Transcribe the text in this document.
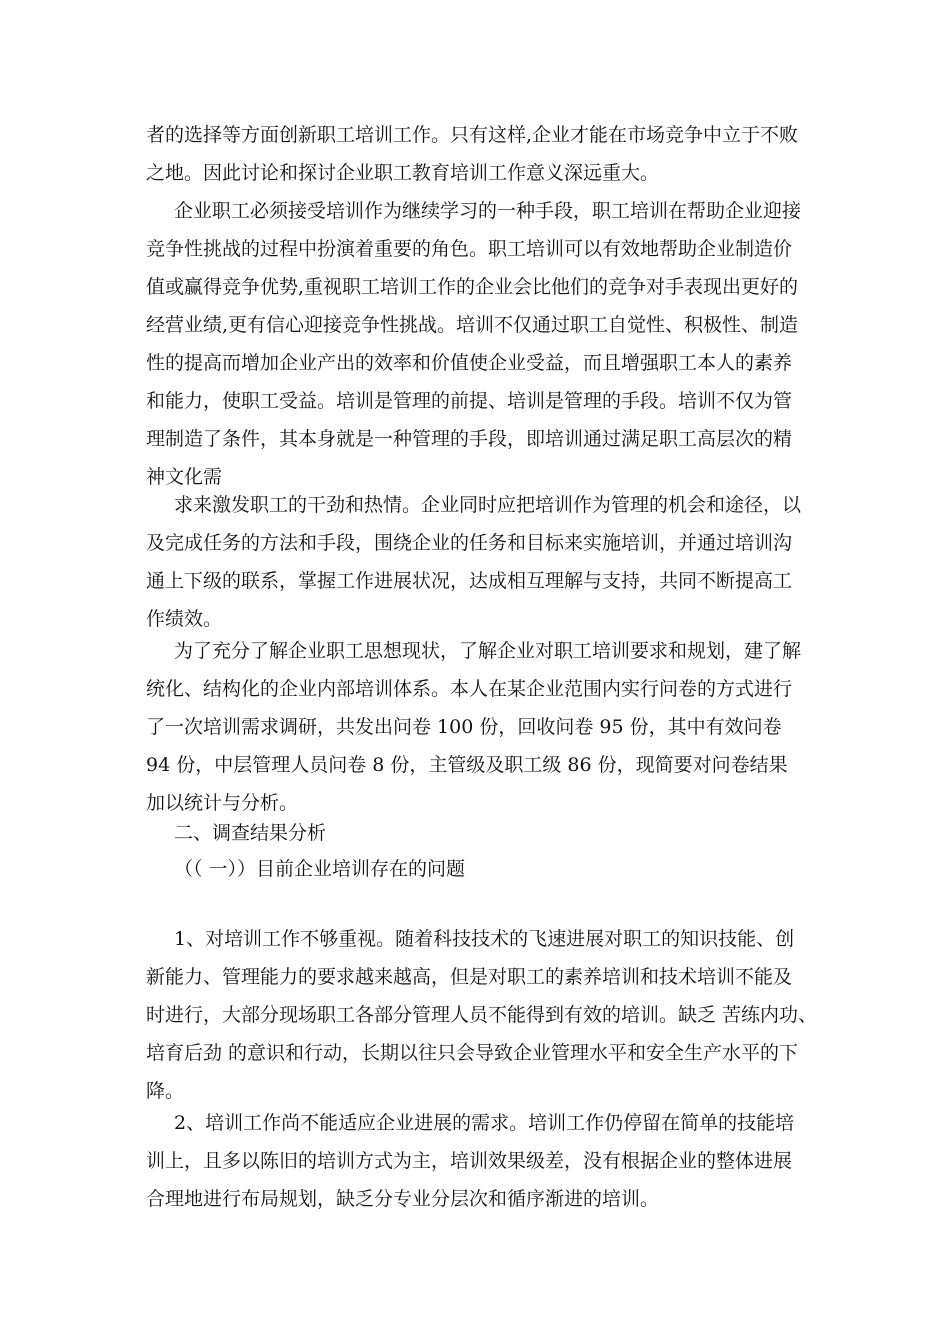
者的选择等方面创新职工培训工作。只有这样,企业才能在市场竞争中立于不败
之地。因此讨论和探讨企业职工教育培训工作意义深远重大。
企业职工必须接受培训作为继续学习的一种手段，职工培训在帮助企业迎接
竞争性挑战的过程中扮演着重要的角色。职工培训可以有效地帮助企业制造价
值或赢得竞争优势,重视职工培训工作的企业会比他们的竞争对手表现出更好的
经营业绩,更有信心迎接竞争性挑战。培训不仅通过职工自觉性、积极性、制造
性的提高而增加企业产出的效率和价值使企业受益，而且增强职工本人的素养
和能力，使职工受益。培训是管理的前提、培训是管理的手段。培训不仅为管
理制造了条件，其本身就是一种管理的手段，即培训通过满足职工高层次的精
神文化需
求来激发职工的干劲和热情。企业同时应把培训作为管理的机会和途径，以
及完成任务的方法和手段，围绕企业的任务和目标来实施培训，并通过培训沟
通上下级的联系，掌握工作进展状况，达成相互理解与支持，共同不断提高工
作绩效。
为了充分了解企业职工思想现状，了解企业对职工培训要求和规划，建了解
统化、结构化的企业内部培训体系。本人在某企业范围内实行问卷的方式进行
了一次培训需求调研，共发出问卷 100 份，回收问卷 95 份，其中有效问卷
94 份，中层管理人员问卷 8 份，主管级及职工级 86 份，现简要对问卷结果
加以统计与分析。
二、调查结果分析
（（ 一））目前企业培训存在的问题
1、对培训工作不够重视。随着科技技术的飞速进展对职工的知识技能、创
新能力、管理能力的要求越来越高，但是对职工的素养培训和技术培训不能及
时进行，大部分现场职工各部分管理人员不能得到有效的培训。缺乏 苦练内功、
培育后劲 的意识和行动，长期以往只会导致企业管理水平和安全生产水平的下
降。
2、培训工作尚不能适应企业进展的需求。培训工作仍停留在简单的技能培
训上，且多以陈旧的培训方式为主，培训效果级差，没有根据企业的整体进展
合理地进行布局规划，缺乏分专业分层次和循序渐进的培训。
